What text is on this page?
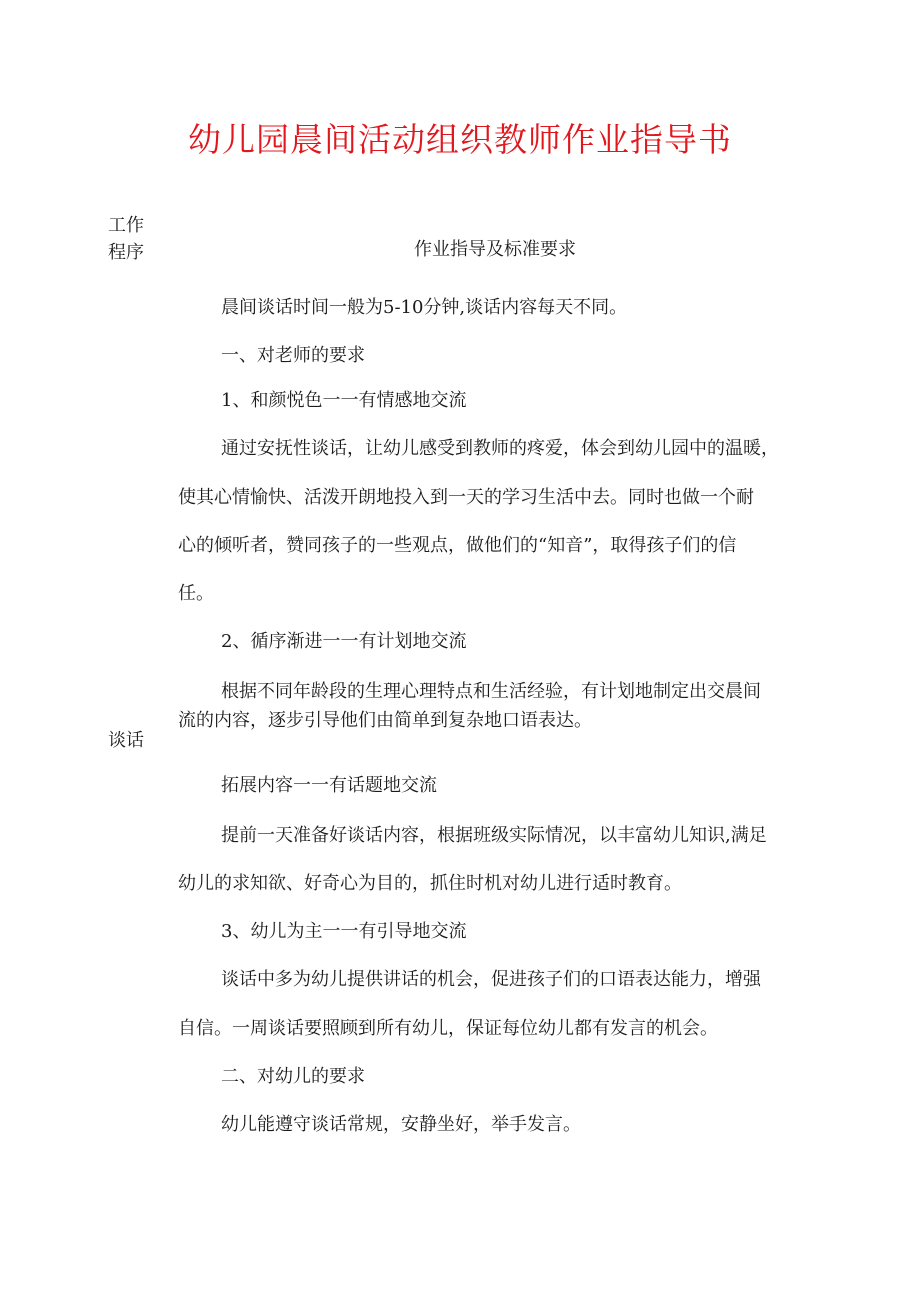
幼儿园晨间活动组织教师作业指导书
工作
程序	作业指导及标准要求
谈话

晨间谈话时间一般为5-10分钟,谈话内容每天不同。

一、对老师的要求

1、和颜悦色一一有情感地交流

通过安抚性谈话，让幼儿感受到教师的疼爱，体会到幼儿园中的温暖，

使其心情愉快、活泼开朗地投入到一天的学习生活中去。同时也做一个耐

心的倾听者，赞同孩子的一些观点，做他们的“知音”，取得孩子们的信

任。

2、循序渐进一一有计划地交流

根据不同年龄段的生理心理特点和生活经验，有计划地制定出交晨间

流的内容，逐步引导他们由简单到复杂地口语表达。

拓展内容一一有话题地交流

提前一天准备好谈话内容，根据班级实际情况，以丰富幼儿知识,满足

幼儿的求知欲、好奇心为目的，抓住时机对幼儿进行适时教育。

3、幼儿为主一一有引导地交流

谈话中多为幼儿提供讲话的机会，促进孩子们的口语表达能力，增强

自信。一周谈话要照顾到所有幼儿，保证每位幼儿都有发言的机会。

二、对幼儿的要求

幼儿能遵守谈话常规，安静坐好，举手发言。
